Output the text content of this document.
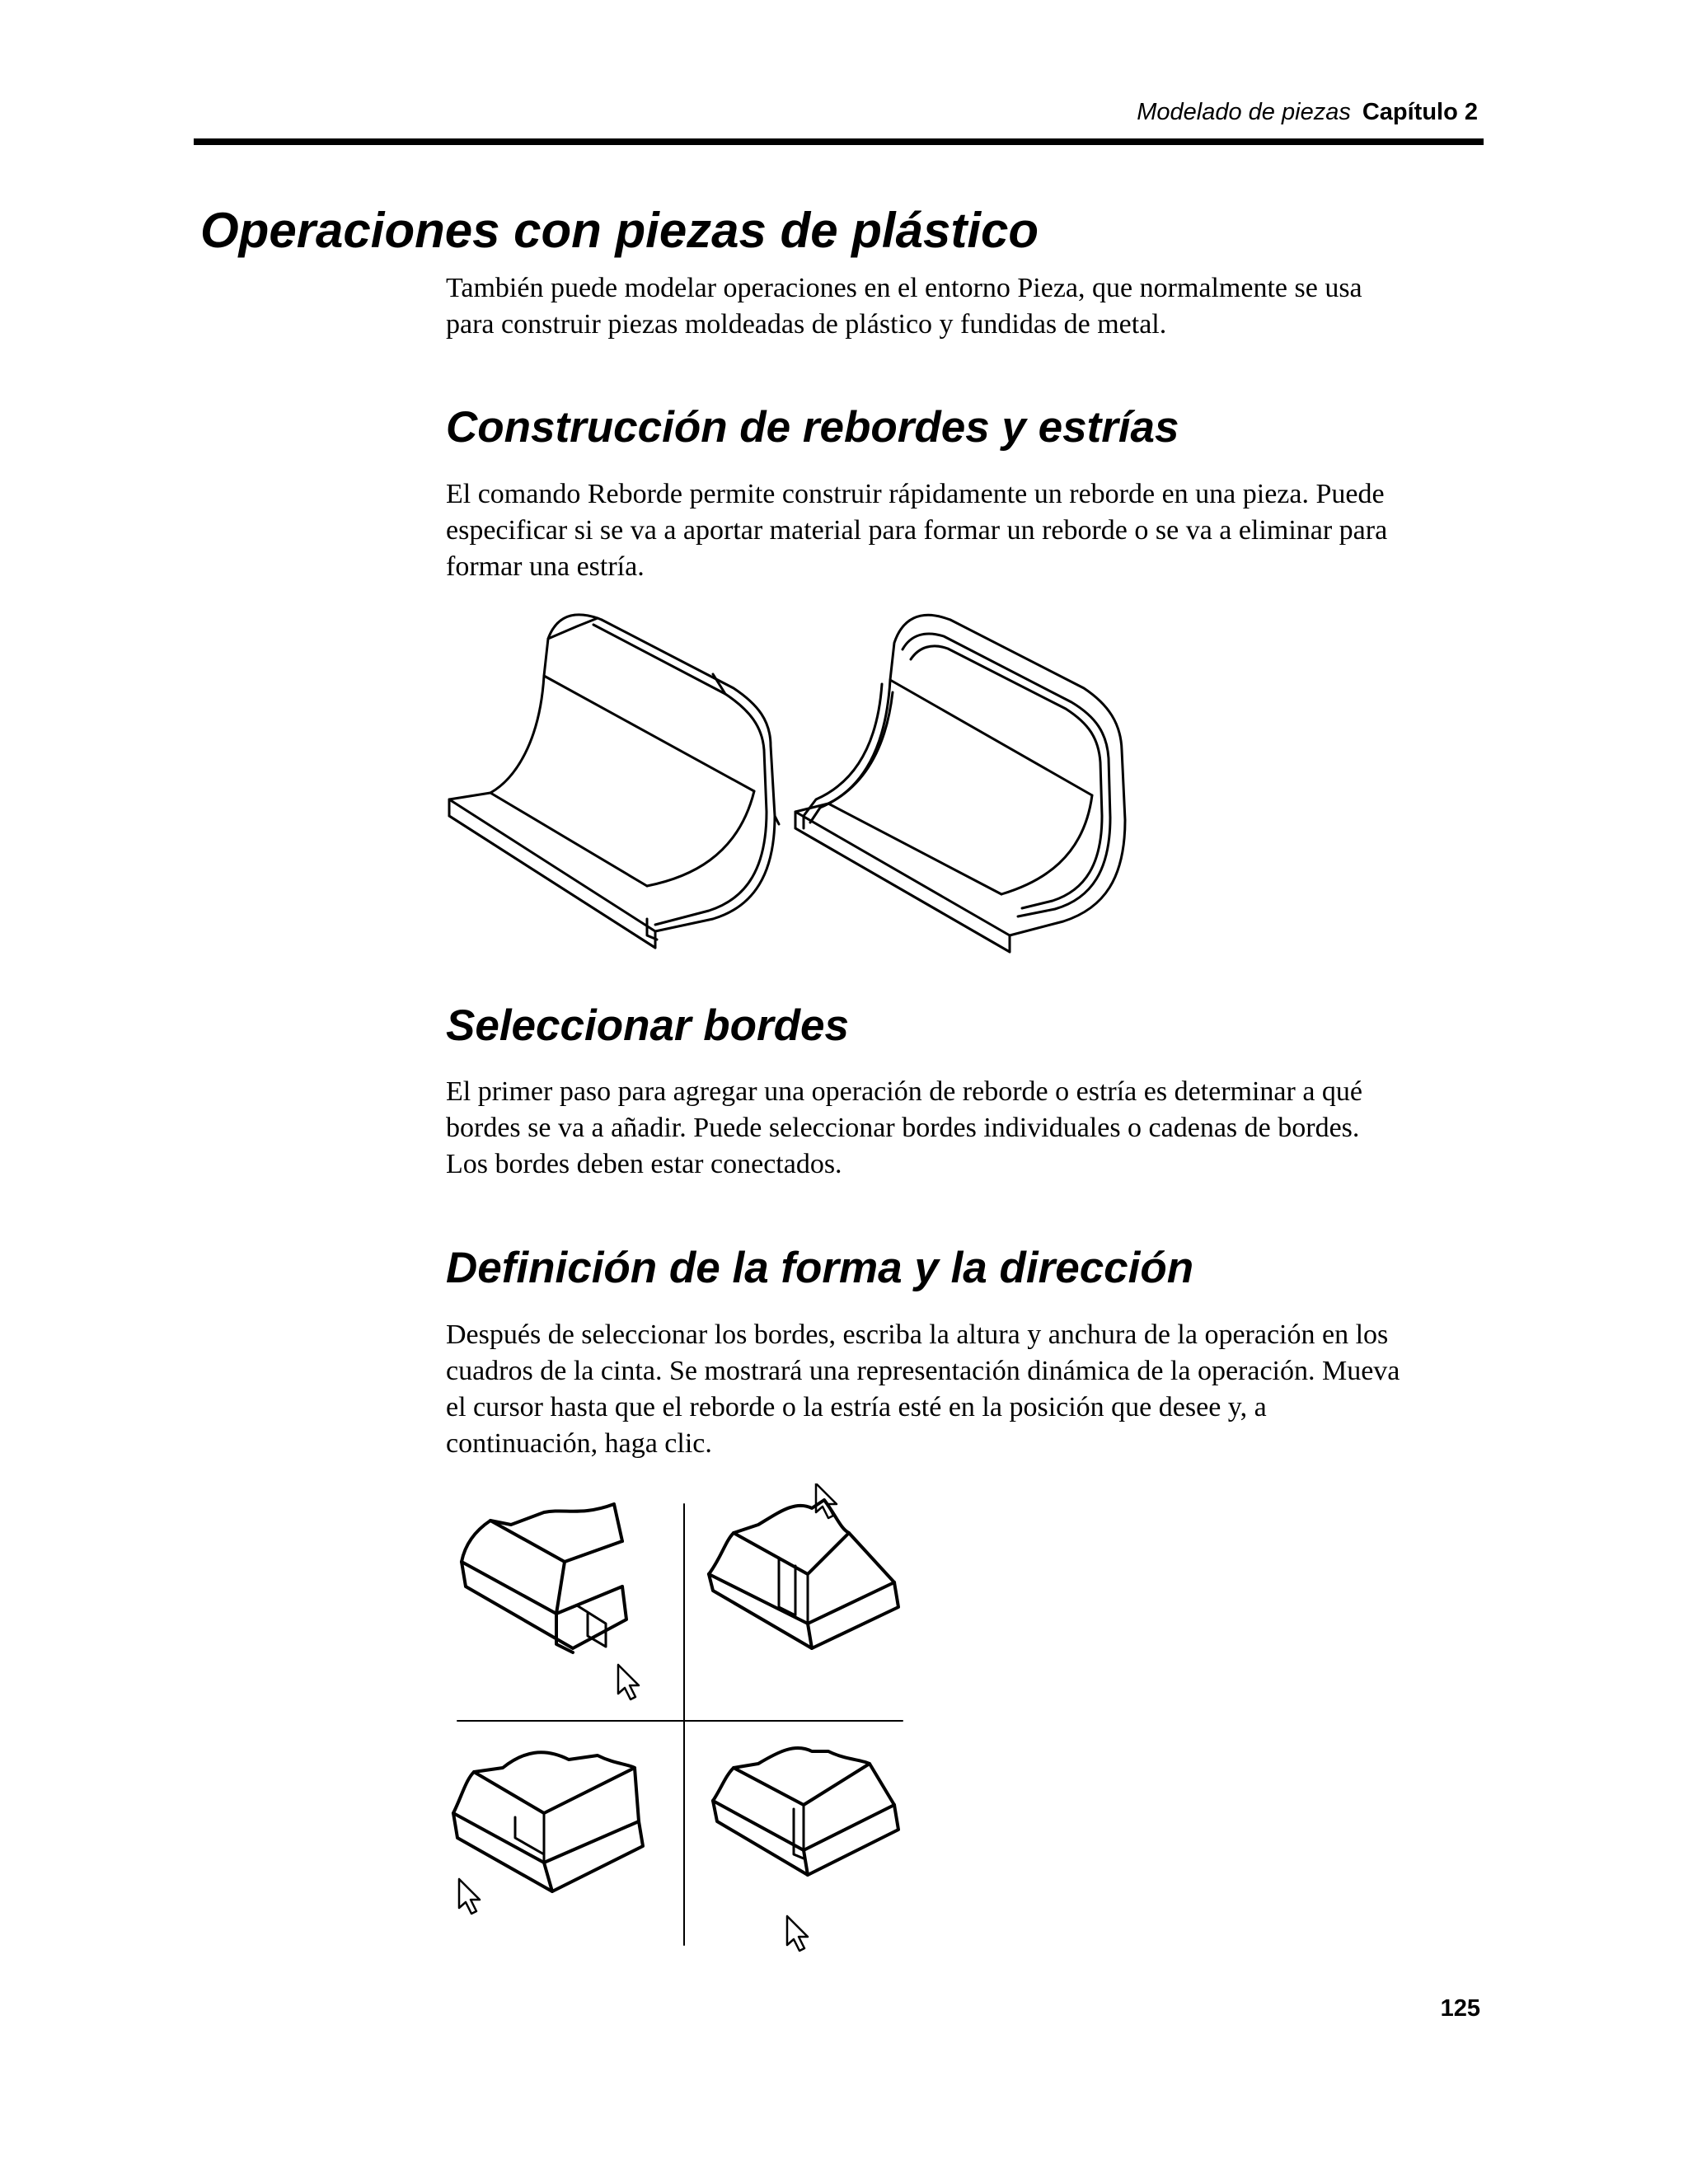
Modelado de piezas Capítulo 2
Operaciones con piezas de plástico

También puede modelar operaciones en el entorno Pieza, que normalmente se usa
para construir piezas moldeadas de plástico y fundidas de metal.

Construcción de rebordes y estrías

El comando Reborde permite construir rápidamente un reborde en una pieza. Puede
especificar si se va a aportar material para formar un reborde o se va a eliminar para
formar una estría.

Seleccionar bordes

El primer paso para agregar una operación de reborde o estría es determinar a qué
bordes se va a añadir. Puede seleccionar bordes individuales o cadenas de bordes.
Los bordes deben estar conectados.

Definición de la forma y la dirección

Después de seleccionar los bordes, escriba la altura y anchura de la operación en los
cuadros de la cinta. Se mostrará una representación dinámica de la operación. Mueva
el cursor hasta que el reborde o la estría esté en la posición que desee y, a
continuación, haga clic.

125
